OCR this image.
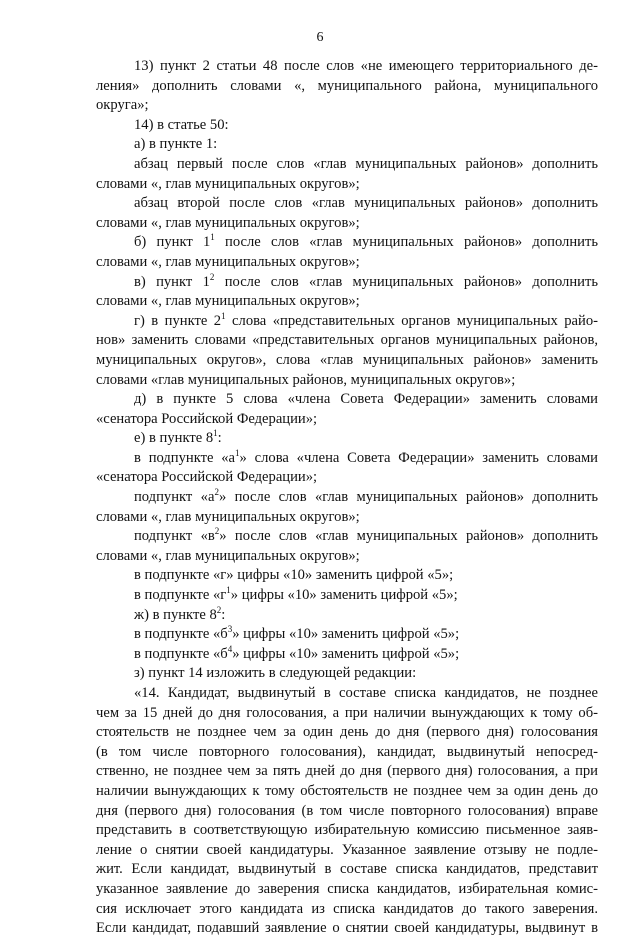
6
13) пункт 2 статьи 48 после слов «не имеющего территориального де-
ления» дополнить словами «, муниципального района, муниципального
округа»;
14) в статье 50:
а) в пункте 1:
абзац первый после слов «глав муниципальных районов» дополнить
словами «, глав муниципальных округов»;
абзац второй после слов «глав муниципальных районов» дополнить
словами «, глав муниципальных округов»;
б) пункт $1^1$ после слов «глав муниципальных районов» дополнить
словами «, глав муниципальных округов»;
в) пункт $1^2$ после слов «глав муниципальных районов» дополнить
словами «, глав муниципальных округов»;
г) в пункте $2^1$ слова «представительных органов муниципальных райо-
нов» заменить словами «представительных органов муниципальных районов,
муниципальных округов», слова «глав муниципальных районов» заменить
словами «глав муниципальных районов, муниципальных округов»;
д) в пункте 5 слова «члена Совета Федерации» заменить словами
«сенатора Российской Федерации»;
е) в пункте $8^1$:
в подпункте «$а^1$» слова «члена Совета Федерации» заменить словами
«сенатора Российской Федерации»;
подпункт «$а^2$» после слов «глав муниципальных районов» дополнить
словами «, глав муниципальных округов»;
подпункт «$в^2$» после слов «глав муниципальных районов» дополнить
словами «, глав муниципальных округов»;
в подпункте «г» цифры «10» заменить цифрой «5»;
в подпункте «$г^1$» цифры «10» заменить цифрой «5»;
ж) в пункте $8^2$:
в подпункте «$б^3$» цифры «10» заменить цифрой «5»;
в подпункте «$б^4$» цифры «10» заменить цифрой «5»;
з) пункт 14 изложить в следующей редакции:
«14. Кандидат, выдвинутый в составе списка кандидатов, не позднее
чем за 15 дней до дня голосования, а при наличии вынуждающих к тому об-
стоятельств не позднее чем за один день до дня (первого дня) голосования
(в том числе повторного голосования), кандидат, выдвинутый непосред-
ственно, не позднее чем за пять дней до дня (первого дня) голосования, а при
наличии вынуждающих к тому обстоятельств не позднее чем за один день до
дня (первого дня) голосования (в том числе повторного голосования) вправе
представить в соответствующую избирательную комиссию письменное заяв-
ление о снятии своей кандидатуры. Указанное заявление отзыву не подле-
жит. Если кандидат, выдвинутый в составе списка кандидатов, представит
указанное заявление до заверения списка кандидатов, избирательная комис-
сия исключает этого кандидата из списка кандидатов до такого заверения.
Если кандидат, подавший заявление о снятии своей кандидатуры, выдвинут в
